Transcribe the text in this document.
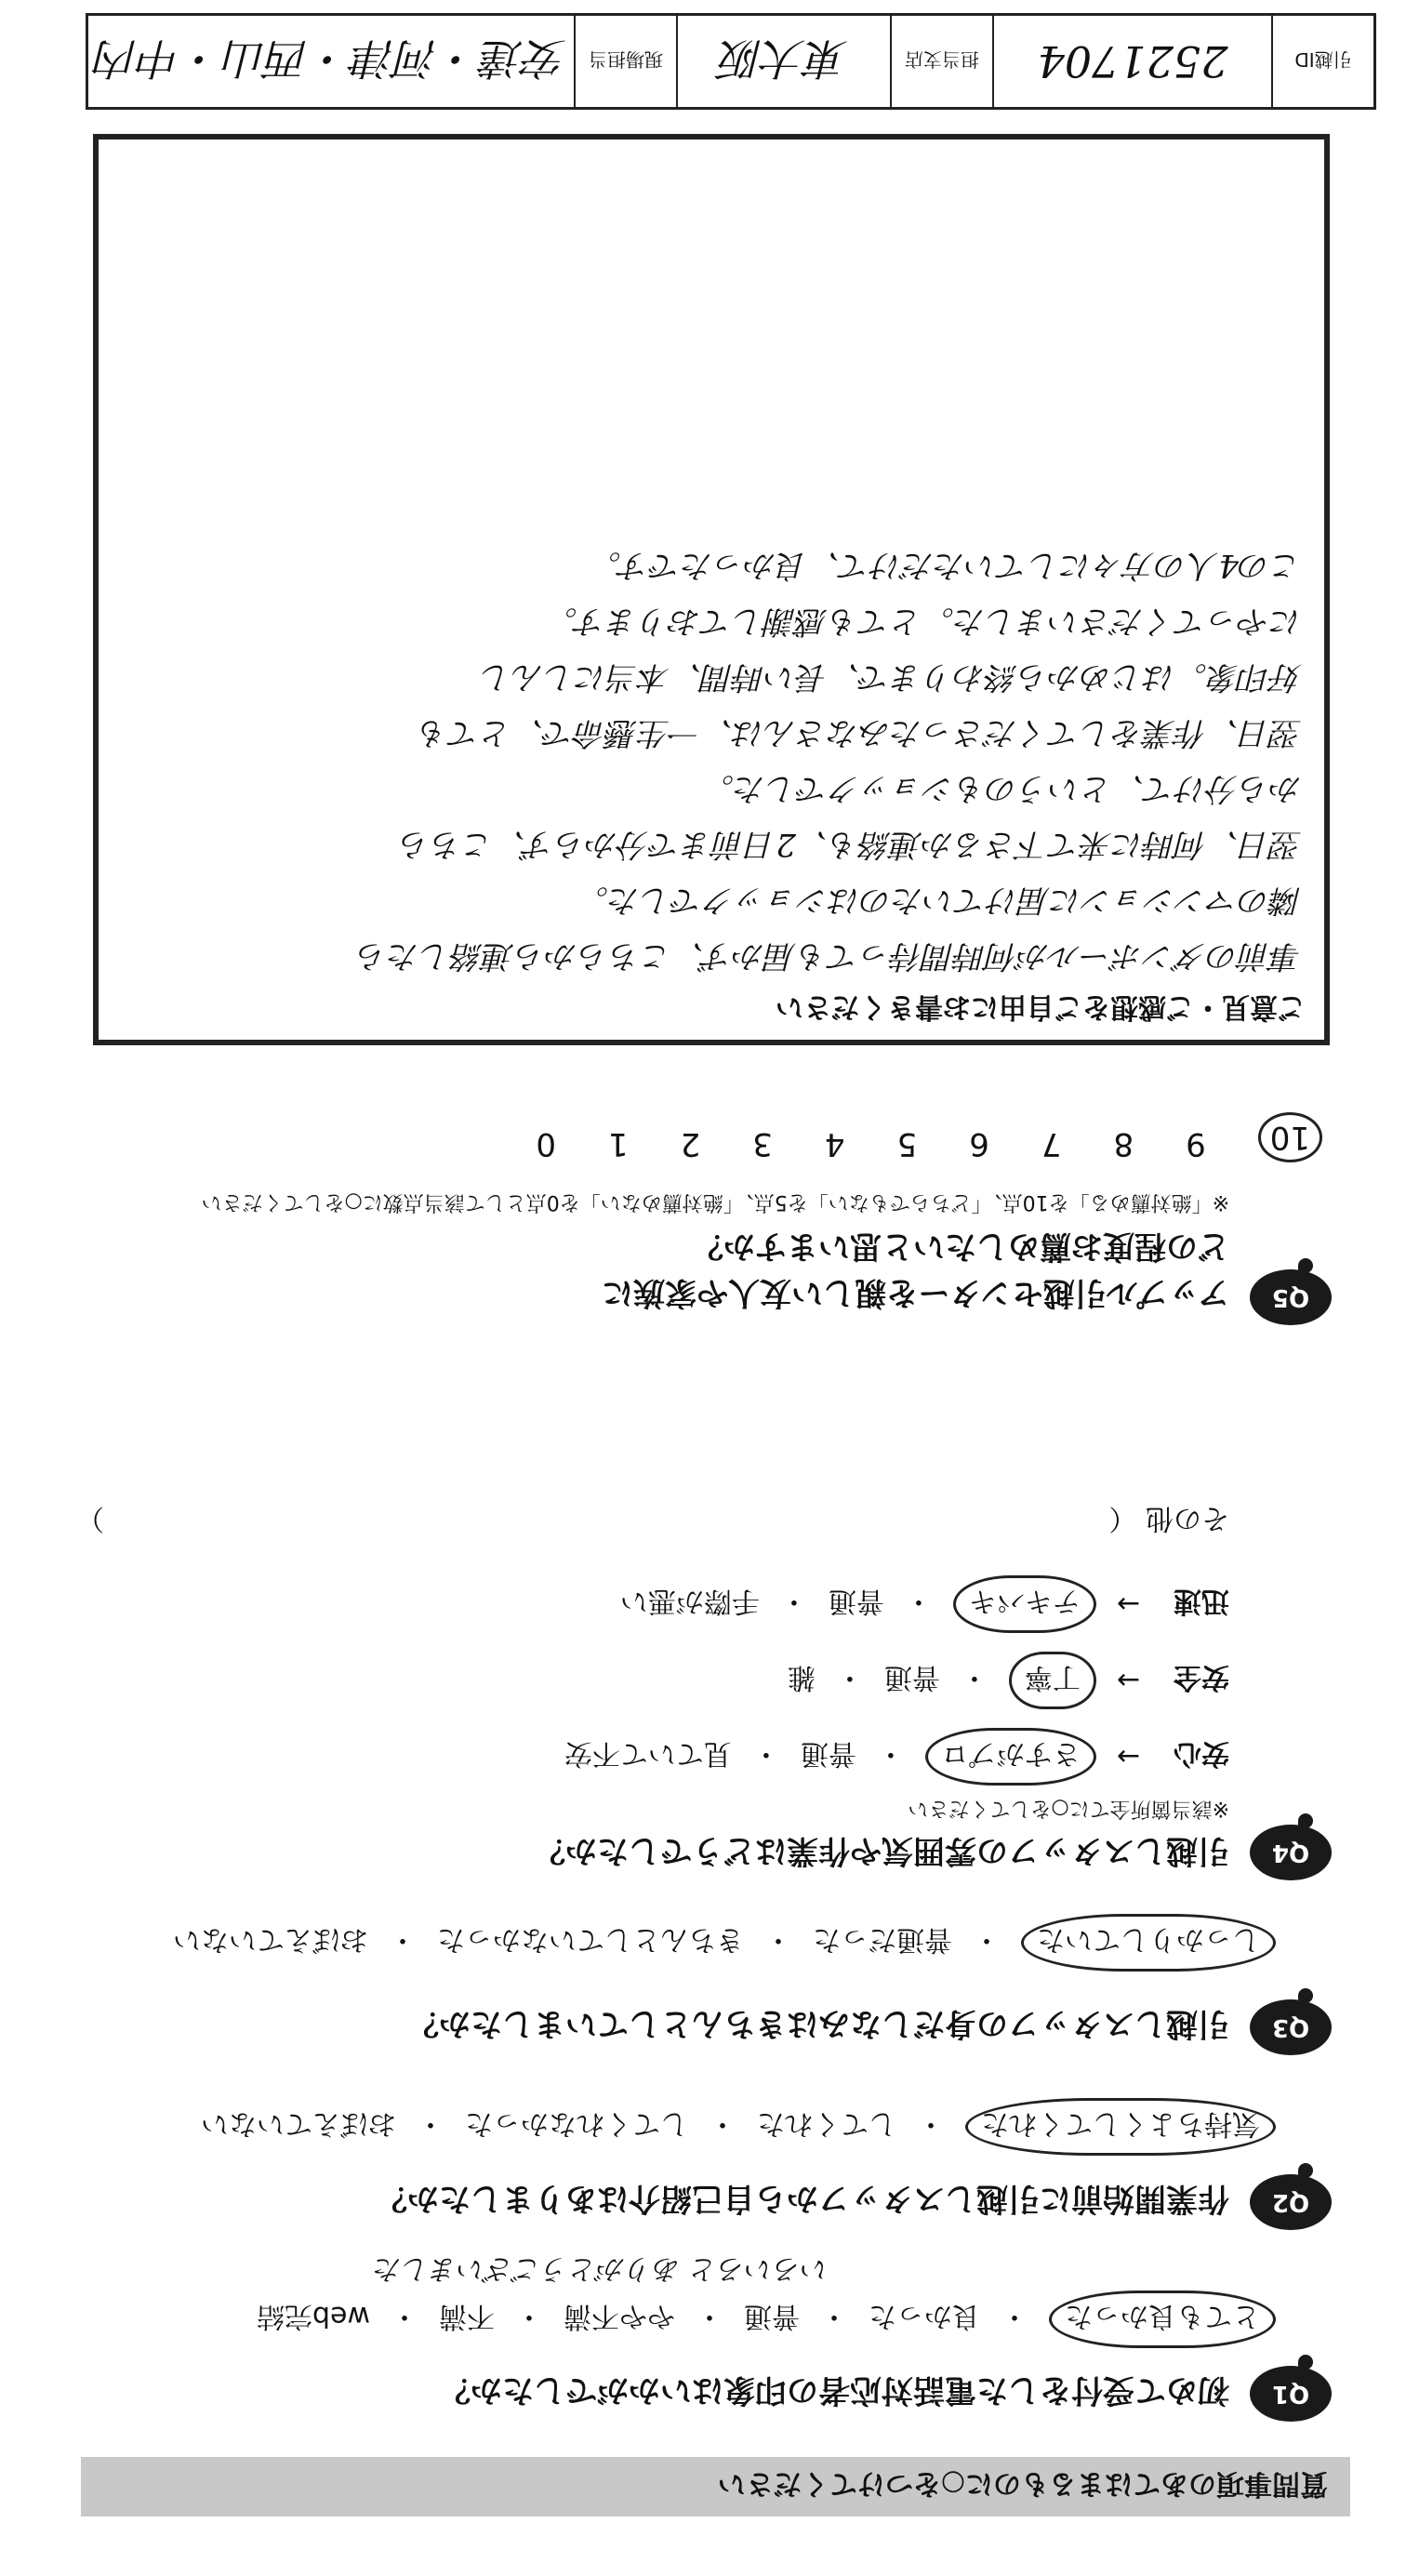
引越ID
2521704
担当支店
東大阪
現場担当
安達・河津・西山・中内
ご意見・ご感想をご自由にお書きください
事前のダンボールが何時間待っても届かず、こちらから連絡したら
隣のマンションに届けていたのはショックでした。
翌日、何時に来て下さるか連絡も、2日前まで分からず、こちら
から分けて、というのもショックでした。
翌日、作業をしてくださったみなさんは、一生懸命で、とても
好印象。はじめから終わりまで、長い時間、本当にしんし
にやってくださいました。とても感謝しております。
この4人の方々にしていただけて、良かったです。
質問事項のあてはまるものに○をつけてください
Q1
初めて受付をした電話対応者の印象はいかがでしたか？
とても良かった
・
良かった
・
普通
・
やや不満
・
不満
・
web完結
いろいろと ありがとうございました
Q2
作業開始前に引越しスタッフから自己紹介はありましたか？
気持ちよくしてくれた
・
してくれた
・
してくれなかった
・
おぼえていない
Q3
引越しスタッフの身だしなみはきちんとしていましたか？
しっかりしていた
・
普通だった
・
きちんとしていなかった
・
おぼえていない
Q4
引越しスタッフの雰囲気や作業はどうでしたか？
※該当箇所全てに○をしてください
安心
→
さすがプロ
・
普通
・
見ていて不安
安全
→
丁寧
・
普通
・
雑
迅速
→
テキパキ
・
普通
・
手際が悪い
その他 （
）
Q5
アップル引越センターを親しい友人や家族に
どの程度お薦めしたいと思いますか？
※「絶対薦める」を10点、「どちらでもない」を5点、「絶対薦めない」を0点として該当点数に○をしてください
10
9
8
7
6
5
4
3
2
1
0
